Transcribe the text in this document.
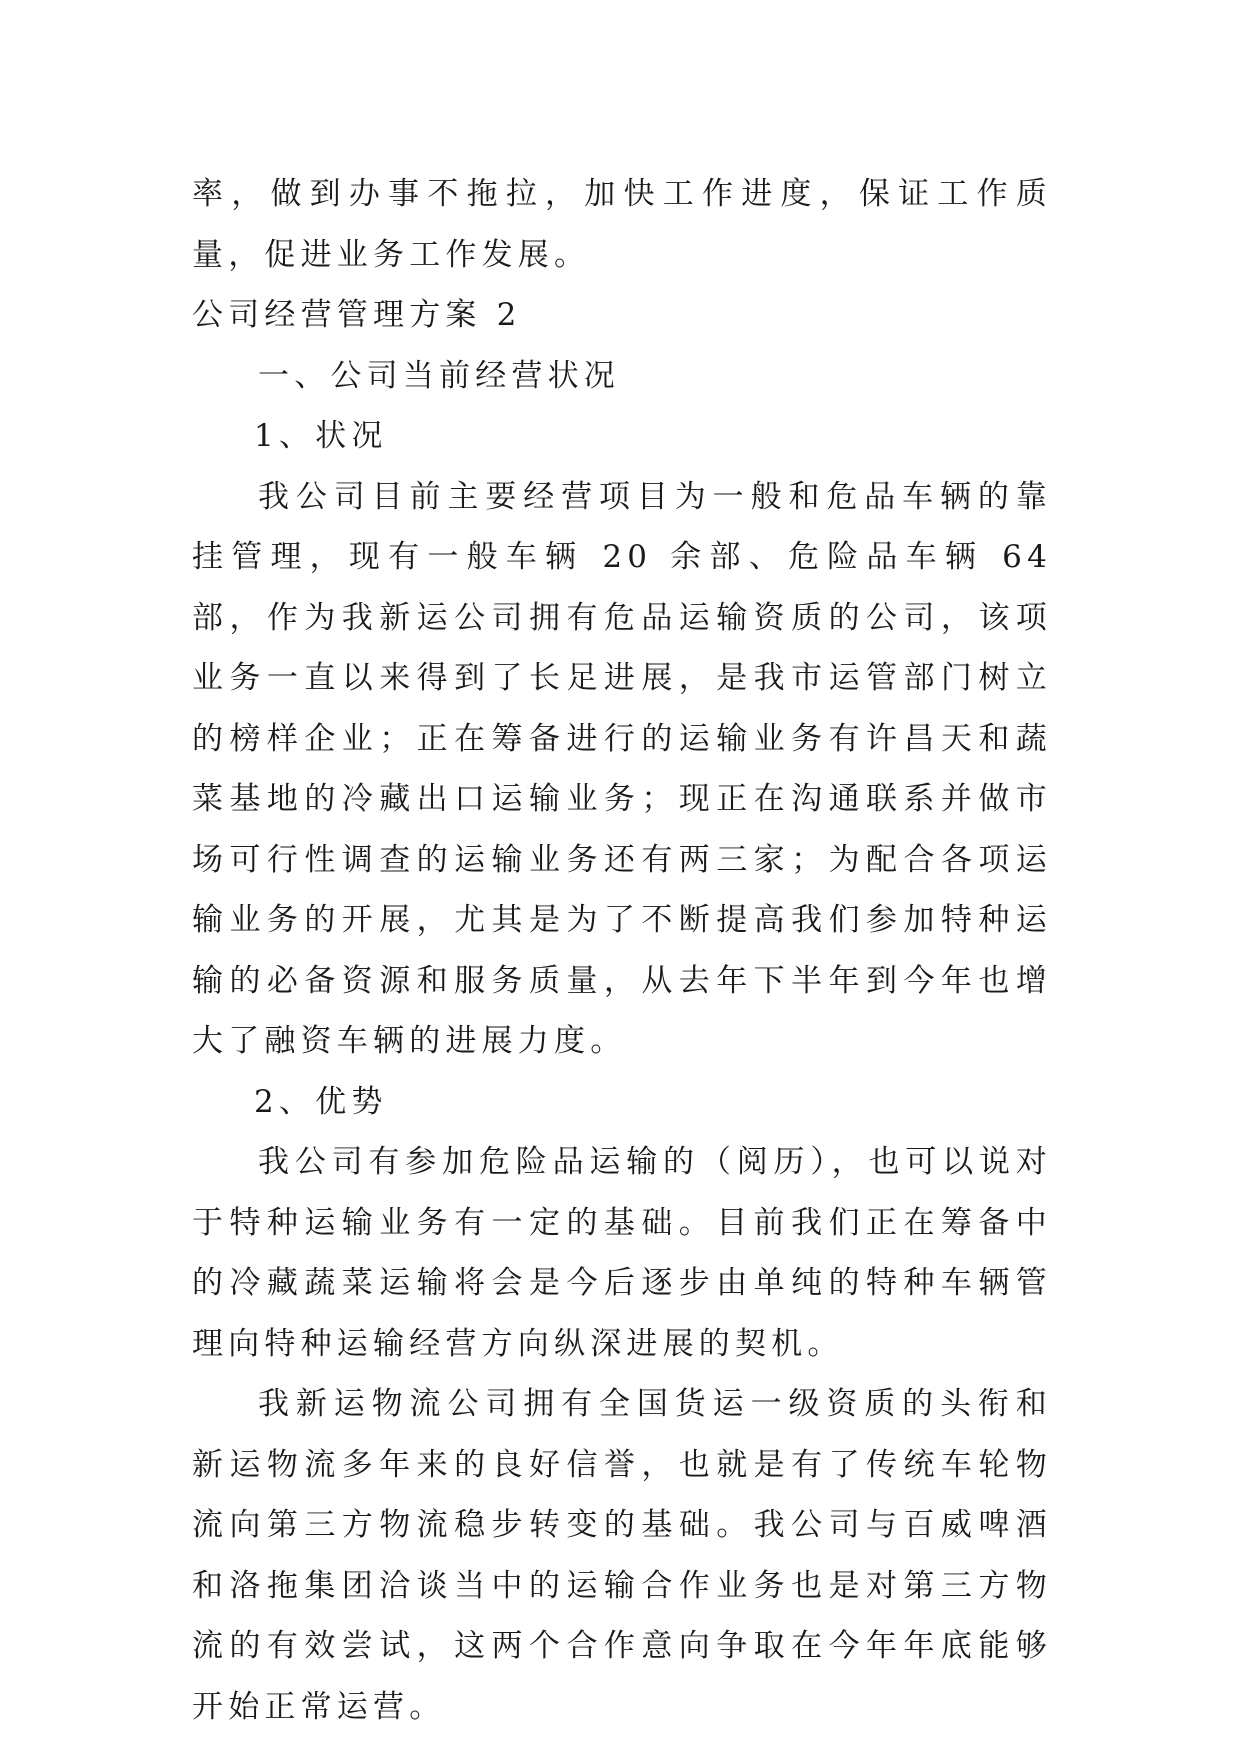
率，做到办事不拖拉，加快工作进度，保证工作质量，促进业务工作发展。

公司经营管理方案 2

一、公司当前经营状况

1、状况

我公司目前主要经营项目为一般和危品车辆的靠挂管理，现有一般车辆 20 余部、危险品车辆 64 部，作为我新运公司拥有危品运输资质的公司，该项业务一直以来得到了长足进展，是我市运管部门树立的榜样企业；正在筹备进行的运输业务有许昌天和蔬菜基地的冷藏出口运输业务；现正在沟通联系并做市场可行性调查的运输业务还有两三家；为配合各项运输业务的开展，尤其是为了不断提高我们参加特种运输的必备资源和服务质量，从去年下半年到今年也增大了融资车辆的进展力度。

2、优势

我公司有参加危险品运输的（阅历），也可以说对于特种运输业务有一定的基础。目前我们正在筹备中的冷藏蔬菜运输将会是今后逐步由单纯的特种车辆管理向特种运输经营方向纵深进展的契机。

我新运物流公司拥有全国货运一级资质的头衔和新运物流多年来的良好信誉，也就是有了传统车轮物流向第三方物流稳步转变的基础。我公司与百威啤酒和洛拖集团洽谈当中的运输合作业务也是对第三方物流的有效尝试，这两个合作意向争取在今年年底能够开始正常运营。
